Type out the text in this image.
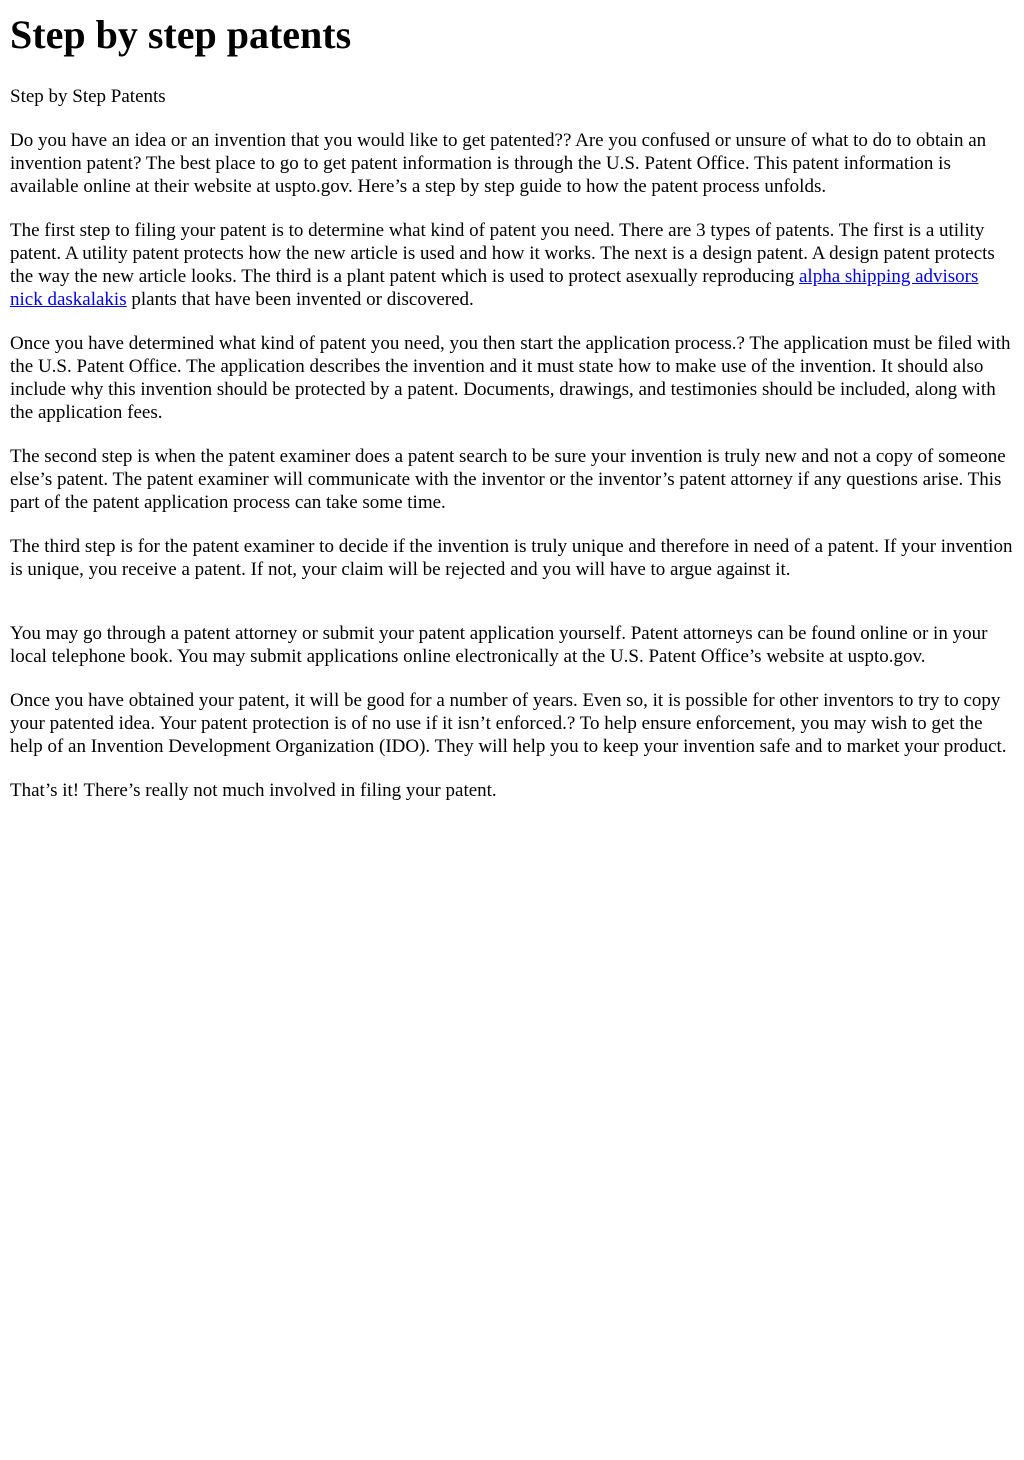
Step by step patents

Step by Step Patents

Do you have an idea or an invention that you would like to get patented?? Are you confused or unsure of what to do to obtain an invention patent? The best place to go to get patent information is through the U.S. Patent Office. This patent information is available online at their website at uspto.gov. Here’s a step by step guide to how the patent process unfolds.

The first step to filing your patent is to determine what kind of patent you need. There are 3 types of patents. The first is a utility patent. A utility patent protects how the new article is used and how it works. The next is a design patent. A design patent protects the way the new article looks. The third is a plant patent which is used to protect asexually reproducing alpha shipping advisors nick daskalakis plants that have been invented or discovered.

Once you have determined what kind of patent you need, you then start the application process.? The application must be filed with the U.S. Patent Office. The application describes the invention and it must state how to make use of the invention. It should also include why this invention should be protected by a patent. Documents, drawings, and testimonies should be included, along with the application fees.

The second step is when the patent examiner does a patent search to be sure your invention is truly new and not a copy of someone else’s patent. The patent examiner will communicate with the inventor or the inventor’s patent attorney if any questions arise. This part of the patent application process can take some time.

The third step is for the patent examiner to decide if the invention is truly unique and therefore in need of a patent. If your invention is unique, you receive a patent. If not, your claim will be rejected and you will have to argue against it.

You may go through a patent attorney or submit your patent application yourself. Patent attorneys can be found online or in your local telephone book. You may submit applications online electronically at the U.S. Patent Office’s website at uspto.gov.

Once you have obtained your patent, it will be good for a number of years. Even so, it is possible for other inventors to try to copy your patented idea. Your patent protection is of no use if it isn’t enforced.? To help ensure enforcement, you may wish to get the help of an Invention Development Organization (IDO). They will help you to keep your invention safe and to market your product.

That’s it! There’s really not much involved in filing your patent.
